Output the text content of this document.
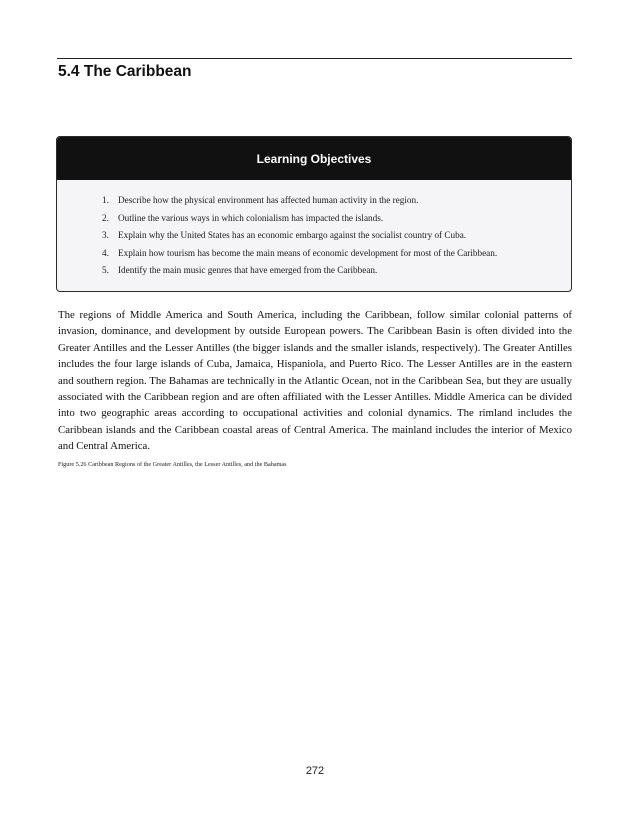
5.4 The Caribbean
Learning Objectives
1. Describe how the physical environment has affected human activity in the region.
2. Outline the various ways in which colonialism has impacted the islands.
3. Explain why the United States has an economic embargo against the socialist country of Cuba.
4. Explain how tourism has become the main means of economic development for most of the Caribbean.
5. Identify the main music genres that have emerged from the Caribbean.

The regions of Middle America and South America, including the Caribbean, follow similar colonial patterns of invasion, dominance, and development by outside European powers. The Caribbean Basin is often divided into the Greater Antilles and the Lesser Antilles (the bigger islands and the smaller islands, respectively). The Greater Antilles includes the four large islands of Cuba, Jamaica, Hispaniola, and Puerto Rico. The Lesser Antilles are in the eastern and southern region. The Bahamas are technically in the Atlantic Ocean, not in the Caribbean Sea, but they are usually associated with the Caribbean region and are often affiliated with the Lesser Antilles. Middle America can be divided into two geographic areas according to occupational activities and colonial dynamics. The rimland includes the Caribbean islands and the Caribbean coastal areas of Central America. The mainland includes the interior of Mexico and Central America.

Figure 5.26 Caribbean Regions of the Greater Antilles, the Lesser Antilles, and the Bahamas

272
